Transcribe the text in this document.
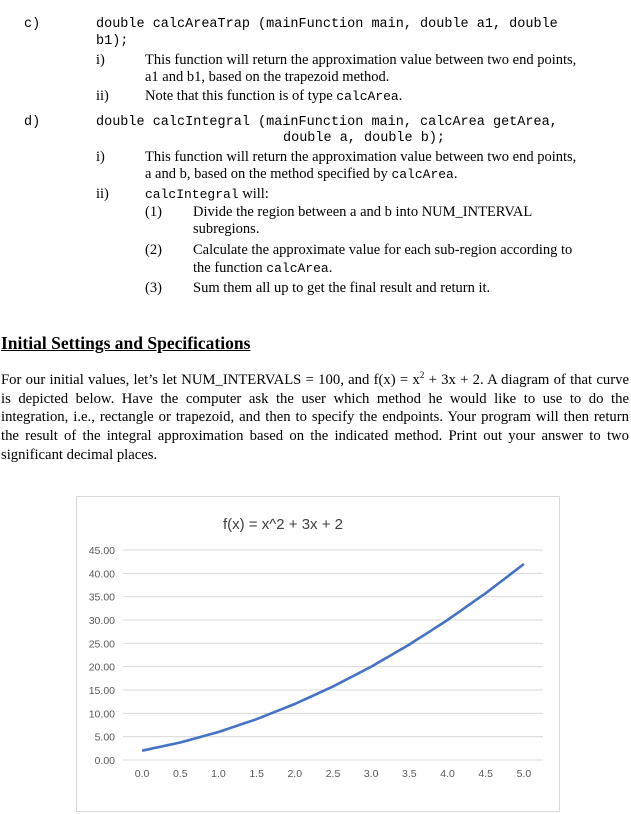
c)	double calcAreaTrap (mainFunction main, double a1, double
b1);
i)	This function will return the approximation value between two end points,
a1 and b1, based on the trapezoid method.
ii) Note that this function is of type calcArea.
d)	double calcIntegral (mainFunction main, calcArea getArea,
double a, double b);
i)	This function will return the approximation value between two end points,
a and b, based on the method specified by calcArea.
ii)	calcIntegral will:
(1) Divide the region between a and b into NUM_INTERVAL
subregions.
(2) Calculate the approximate value for each sub-region according to
the function calcArea.
(3) Sum them all up to get the final result and return it.
Initial Settings and Specifications
For our initial values, let’s let NUM_INTERVALS = 100, and $f(x) = x^2 + 3x + 2$. A diagram of that curve is depicted below. Have the computer ask the user which method he would like to use to do the integration, i.e., rectangle or trapezoid, and then to specify the endpoints. Your program will then return the result of the integral approximation based on the indicated method. Print out your answer to two significant decimal places.
f(x) = x^2 + 3x + 2
0.00
5.00
10.00
15.00
20.00
25.00
30.00
35.00
40.00
45.00
0.0 0.5 1.0 1.5 2.0 2.5 3.0 3.5 4.0 4.5 5.0
